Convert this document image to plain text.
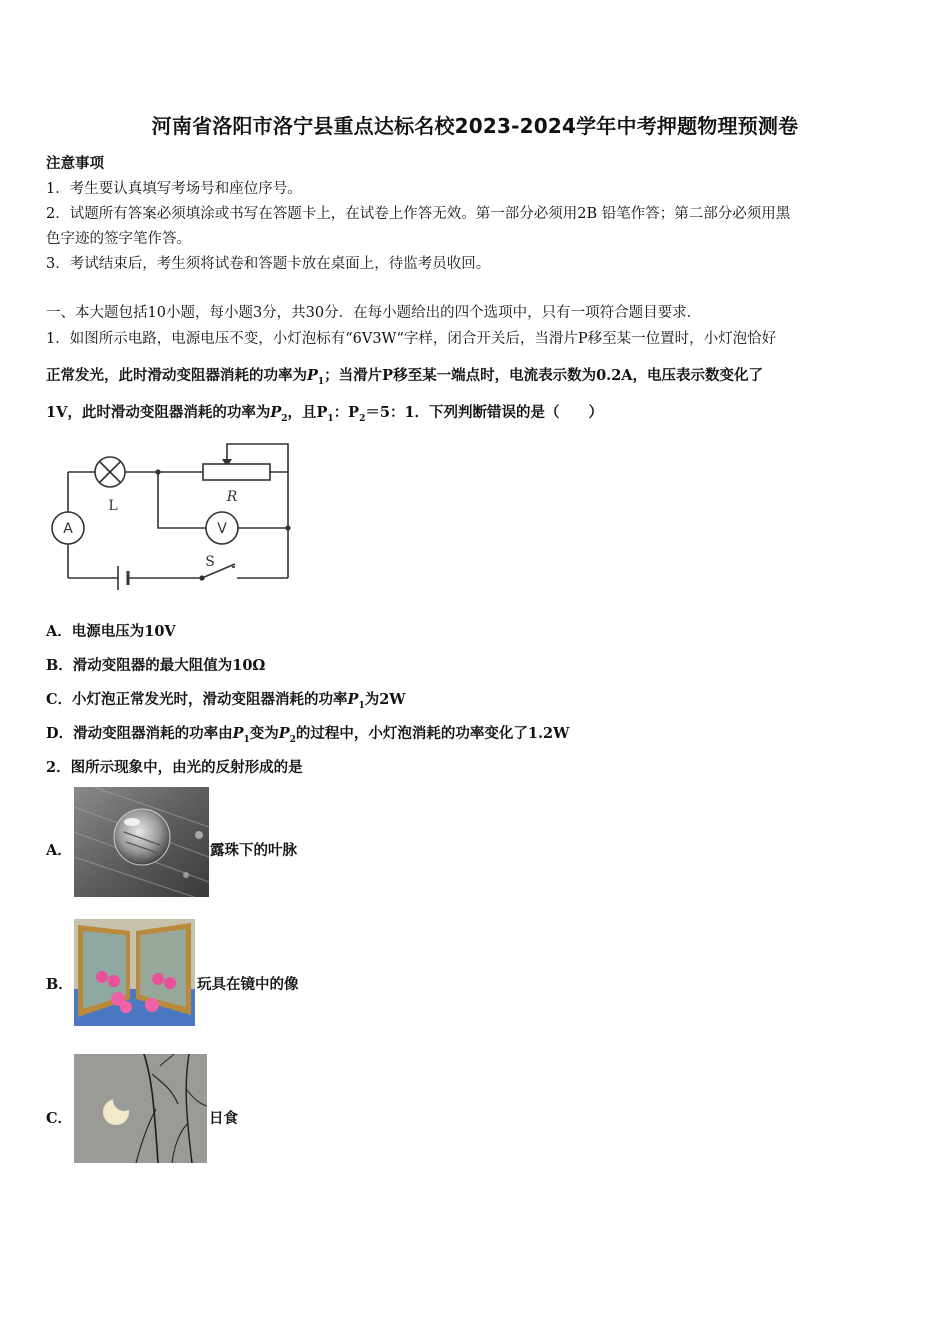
河南省洛阳市洛宁县重点达标名校2023-2024学年中考押题物理预测卷
注意事项
1．考生要认真填写考场号和座位序号。
2．试题所有答案必须填涂或书写在答题卡上，在试卷上作答无效。第一部分必须用2B 铅笔作答；第二部分必须用黑
色字迹的签字笔作答。
3．考试结束后，考生须将试卷和答题卡放在桌面上，待监考员收回。
一、本大题包括10小题，每小题3分，共30分．在每小题给出的四个选项中，只有一项符合题目要求．
1．如图所示电路，电源电压不变，小灯泡标有“6V3W“字样，闭合开关后，当滑片P移至某一位置时，小灯泡恰好
正常发光，此时滑动变阻器消耗的功率为$P_1$；当滑片P移至某一端点时，电流表示数为0.2A，电压表示数变化了
1V，此时滑动变阻器消耗的功率为$P_2$，且$P_1$：$P_2=5$：1．下列判断错误的是（　　）
A	V
L
R
S
A．电源电压为10V
B．滑动变阻器的最大阻值为10Ω
C．小灯泡正常发光时，滑动变阻器消耗的功率$P_1$为2W
D．滑动变阻器消耗的功率由$P_1$变为$P_2$的过程中，小灯泡消耗的功率变化了1.2W
2．图所示现象中，由光的反射形成的是
A．	露珠下的叶脉
B．	玩具在镜中的像
C．	日食
